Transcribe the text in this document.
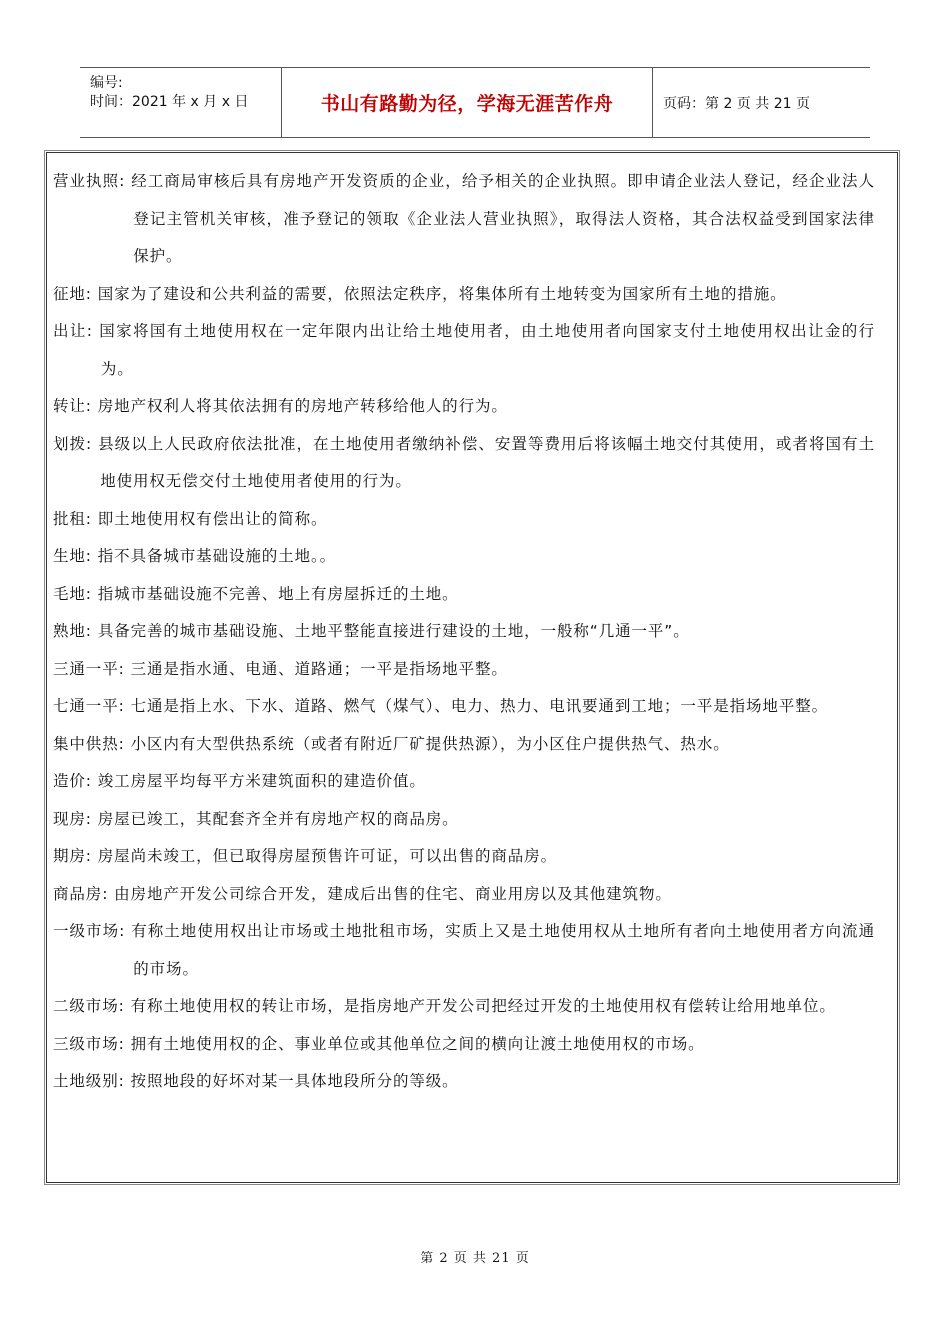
编号:
时间：2021 年 x 月 x 日	书山有路勤为径，学海无涯苦作舟	页码：第 2 页 共 21 页
营业执照: 经工商局审核后具有房地产开发资质的企业，给予相关的企业执照。即申请企业法人登记，经企业法人登记主管机关审核，准予登记的领取《企业法人营业执照》，取得法人资格，其合法权益受到国家法律保护。
征地: 国家为了建设和公共利益的需要，依照法定秩序，将集体所有土地转变为国家所有土地的措施。
出让: 国家将国有土地使用权在一定年限内出让给土地使用者，由土地使用者向国家支付土地使用权出让金的行为。
转让: 房地产权利人将其依法拥有的房地产转移给他人的行为。
划拨: 县级以上人民政府依法批准，在土地使用者缴纳补偿、安置等费用后将该幅土地交付其使用，或者将国有土地使用权无偿交付土地使用者使用的行为。
批租: 即土地使用权有偿出让的简称。
生地: 指不具备城市基础设施的土地。。
毛地: 指城市基础设施不完善、地上有房屋拆迁的土地。
熟地: 具备完善的城市基础设施、土地平整能直接进行建设的土地，一般称“几通一平”。
三通一平: 三通是指水通、电通、道路通；一平是指场地平整。
七通一平: 七通是指上水、下水、道路、燃气（煤气）、电力、热力、电讯要通到工地；一平是指场地平整。
集中供热: 小区内有大型供热系统（或者有附近厂矿提供热源），为小区住户提供热气、热水。
造价: 竣工房屋平均每平方米建筑面积的建造价值。
现房: 房屋已竣工，其配套齐全并有房地产权的商品房。
期房: 房屋尚未竣工，但已取得房屋预售许可证，可以出售的商品房。
商品房: 由房地产开发公司综合开发，建成后出售的住宅、商业用房以及其他建筑物。
一级市场: 有称土地使用权出让市场或土地批租市场，实质上又是土地使用权从土地所有者向土地使用者方向流通的市场。
二级市场: 有称土地使用权的转让市场，是指房地产开发公司把经过开发的土地使用权有偿转让给用地单位。
三级市场: 拥有土地使用权的企、事业单位或其他单位之间的横向让渡土地使用权的市场。
土地级别: 按照地段的好坏对某一具体地段所分的等级。
第 2 页 共 21 页
